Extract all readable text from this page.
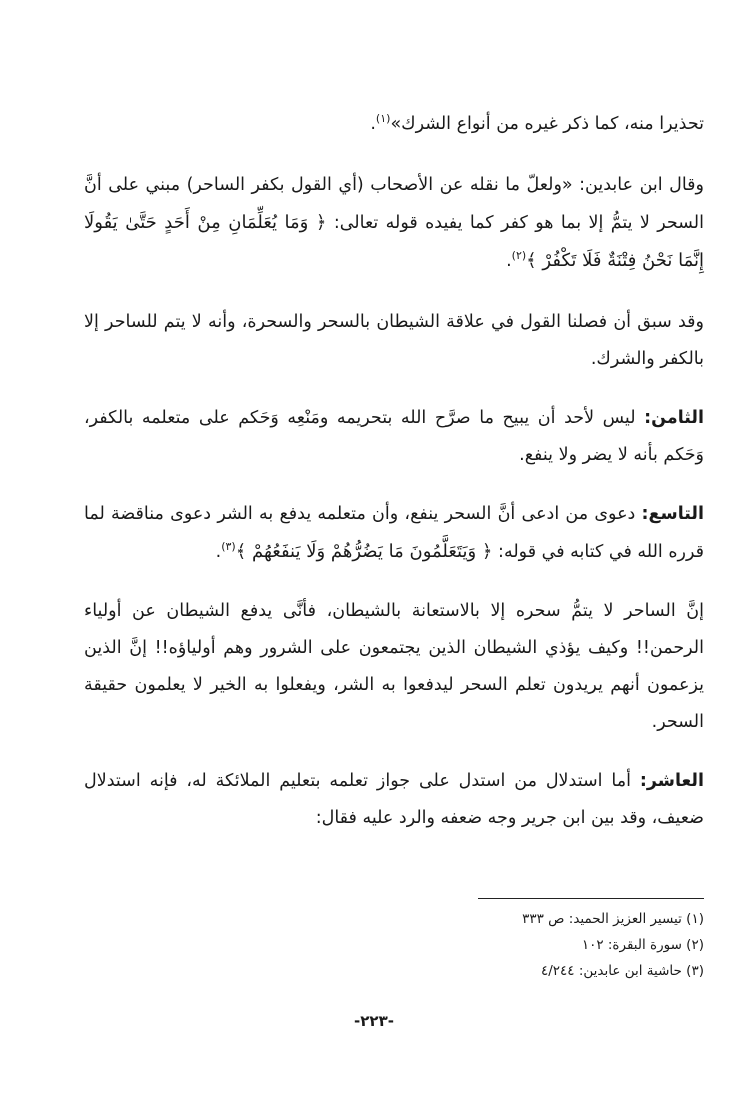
تحذيرا منه، كما ذكر غيره من أنواع الشرك»$^{(١)}$.

وقال ابن عابدين: «ولعلّ ما نقله عن الأصحاب (أي القول بكفر الساحر) مبني على أنَّ السحر لا يتمُّ إلا بما هو كفر كما يفيده قوله تعالى: ﴿ وَمَا يُعَلِّمَانِ مِنْ أَحَدٍ حَتَّىٰ يَقُولَا إِنَّمَا نَحْنُ فِتْنَةٌ فَلَا تَكْفُرْ ﴾$^{(٢)}$.

وقد سبق أن فصلنا القول في علاقة الشيطان بالسحر والسحرة، وأنه لا يتم للساحر إلا بالكفر والشرك.

الثامن: ليس لأحد أن يبيح ما صرَّح الله بتحريمه ومَنْعِه وَحَكم على متعلمه بالكفر، وَحَكم بأنه لا يضر ولا ينفع.

التاسع: دعوى من ادعى أنَّ السحر ينفع، وأن متعلمه يدفع به الشر دعوى مناقضة لما قرره الله في كتابه في قوله: ﴿ وَيَتَعَلَّمُونَ مَا يَضُرُّهُمْ وَلَا يَنفَعُهُمْ ﴾$^{(٣)}$.

إنَّ الساحر لا يتمُّ سحره إلا بالاستعانة بالشيطان، فأنَّى يدفع الشيطان عن أولياء الرحمن!! وكيف يؤذي الشيطان الذين يجتمعون على الشرور وهم أولياؤه!! إنَّ الذين يزعمون أنهم يريدون تعلم السحر ليدفعوا به الشر، ويفعلوا به الخير لا يعلمون حقيقة السحر.

العاشر: أما استدلال من استدل على جواز تعلمه بتعليم الملائكة له، فإنه استدلال ضعيف، وقد بين ابن جرير وجه ضعفه والرد عليه فقال:

(١) تيسير العزيز الحميد: ص ٣٣٣
(٢) سورة البقرة: ١٠٢
(٣) حاشية ابن عابدين: ٤/٢٤٤
-٢٢٣-
